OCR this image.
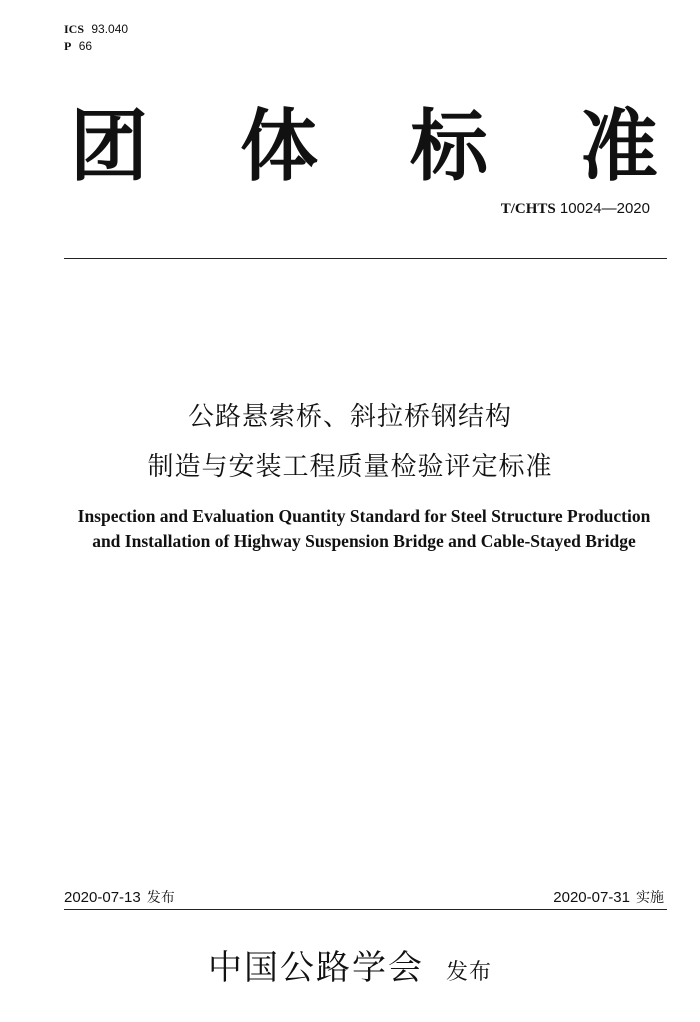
ICS 93.040
P 66
团 体 标 准
T/CHTS 10024—2020
公路悬索桥、斜拉桥钢结构
制造与安装工程质量检验评定标准
Inspection and Evaluation Quantity Standard for Steel Structure Production
and Installation of Highway Suspension Bridge and Cable-Stayed Bridge
2020-07-13 发布	2020-07-31 实施
中国公路学会 发布
